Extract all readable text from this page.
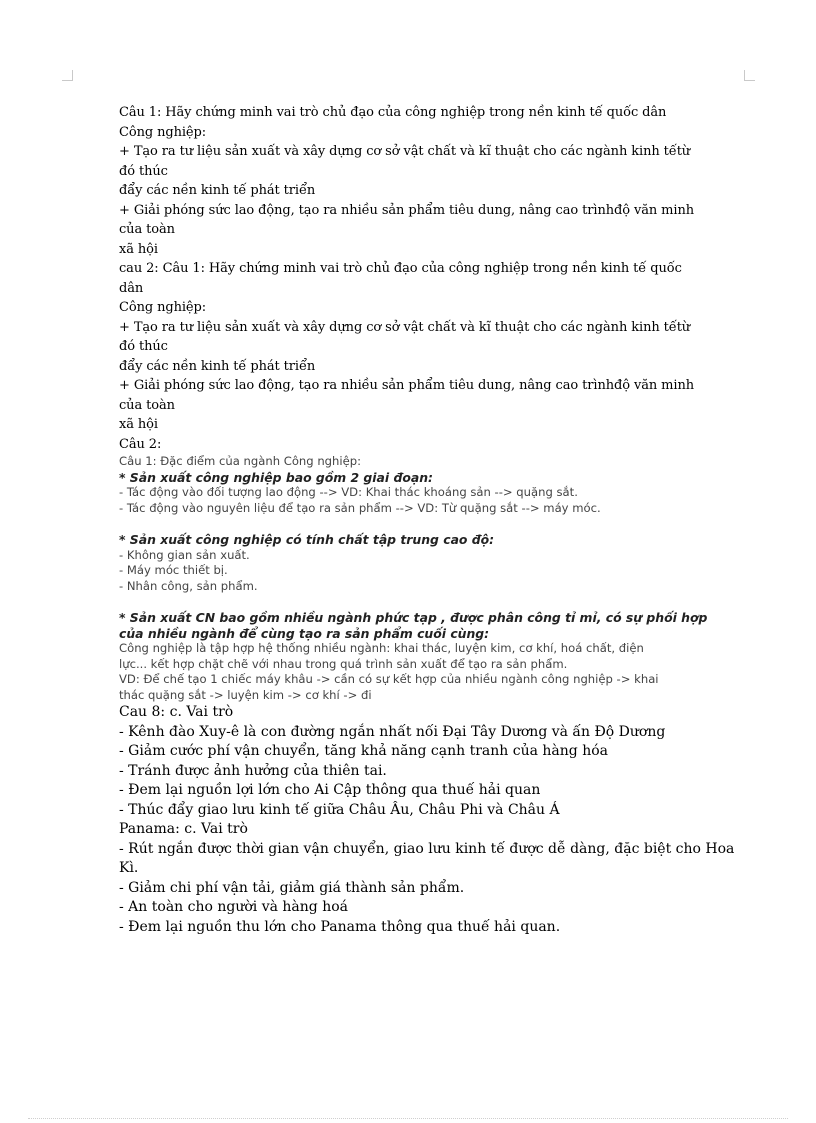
Câu 1: Hãy chứng minh vai trò chủ đạo của công nghiệp trong nền kinh tế quốc dân
Công nghiệp:
+ Tạo ra tư liệu sản xuất và xây dựng cơ sở vật chất và kĩ thuật cho các ngành kinh tếtừ
đó thúc
đẩy các nền kinh tế phát triển
+ Giải phóng sức lao động, tạo ra nhiều sản phẩm tiêu dung, nâng cao trìnhđộ văn minh
của toàn
xã hội
cau 2: Câu 1: Hãy chứng minh vai trò chủ đạo của công nghiệp trong nền kinh tế quốc
dân
Công nghiệp:
+ Tạo ra tư liệu sản xuất và xây dựng cơ sở vật chất và kĩ thuật cho các ngành kinh tếtừ
đó thúc
đẩy các nền kinh tế phát triển
+ Giải phóng sức lao động, tạo ra nhiều sản phẩm tiêu dung, nâng cao trìnhđộ văn minh
của toàn
xã hội
Câu 2:
Câu 1: Đặc điểm của ngành Công nghiệp:
* Sản xuất công nghiệp bao gồm 2 giai đoạn:
- Tác động vào đối tượng lao động --> VD: Khai thác khoáng sản --> quặng sắt.
- Tác động vào nguyên liệu để tạo ra sản phẩm --> VD: Từ quặng sắt --> máy móc.
* Sản xuất công nghiệp có tính chất tập trung cao độ:
- Không gian sản xuất.
- Máy móc thiết bị.
- Nhân công, sản phẩm.
* Sản xuất CN bao gồm nhiều ngành phức tạp , được phân công tỉ mỉ, có sự phối hợp
của nhiều ngành để cùng tạo ra sản phẩm cuối cùng:
Công nghiệp là tập hợp hệ thống nhiều ngành: khai thác, luyện kim, cơ khí, hoá chất, điện
lực... kết hợp chặt chẽ với nhau trong quá trình sản xuất để tạo ra sản phẩm.
VD: Để chế tạo 1 chiếc máy khâu -> cần có sự kết hợp của nhiều ngành công nghiệp -> khai
thác quặng sắt -> luyện kim -> cơ khí -> đi
Cau 8: c. Vai trò
- Kênh đào Xuy-ê là con đường ngắn nhất nối Đại Tây Dương và ấn Độ Dương
- Giảm cước phí vận chuyển, tăng khả năng cạnh tranh của hàng hóa
- Tránh được ảnh hưởng của thiên tai.
- Đem lại nguồn lợi lớn cho Ai Cập thông qua thuế hải quan
- Thúc đẩy giao lưu kinh tế giữa Châu Âu, Châu Phi và Châu Á
Panama: c. Vai trò
- Rút ngắn được thời gian vận chuyển, giao lưu kinh tế được dễ dàng, đặc biệt cho Hoa
Kì.
- Giảm chi phí vận tải, giảm giá thành sản phẩm.
- An toàn cho người và hàng hoá
- Đem lại nguồn thu lớn cho Panama thông qua thuế hải quan.
